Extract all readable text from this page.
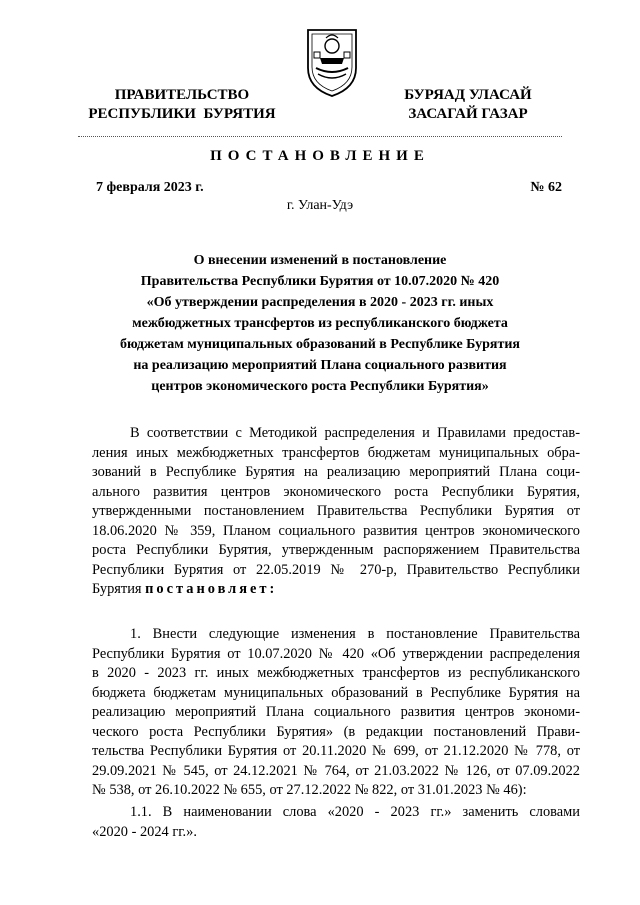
ПРАВИТЕЛЬСТВО
РЕСПУБЛИКИ  БУРЯТИЯ
БУРЯАД УЛАСАЙ
ЗАСАГАЙ ГАЗАР
ПОСТАНОВЛЕНИЕ
7 февраля 2023 г.	№ 62
г. Улан-Удэ
О внесении изменений в постановление
Правительства Республики Бурятия от 10.07.2020 № 420
«Об утверждении распределения в 2020 - 2023 гг. иных
межбюджетных трансфертов из республиканского бюджета
бюджетам муниципальных образований в Республике Бурятия
на реализацию мероприятий Плана социального развития
центров экономического роста Республики Бурятия»
В соответствии с Методикой распределения и Правилами предостав-
ления иных межбюджетных трансфертов бюджетам муниципальных обра-
зований в Республике Бурятия на реализацию мероприятий Плана соци-
ального развития центров экономического роста Республики Бурятия,
утвержденными постановлением Правительства Республики Бурятия от
18.06.2020 № 359, Планом социального развития центров экономического
роста Республики Бурятия, утвержденным распоряжением Правительства
Республики Бурятия от 22.05.2019 № 270-р, Правительство Республики
Бурятия постановляет:
1. Внести следующие изменения в постановление Правительства
Республики Бурятия от 10.07.2020 № 420 «Об утверждении распределения
в 2020 - 2023 гг. иных межбюджетных трансфертов из республиканского
бюджета бюджетам муниципальных образований в Республике Бурятия на
реализацию мероприятий Плана социального развития центров экономи-
ческого роста Республики Бурятия» (в редакции постановлений Прави-
тельства Республики Бурятия от 20.11.2020 № 699, от 21.12.2020 № 778, от
29.09.2021 № 545, от 24.12.2021 № 764, от 21.03.2022 № 126, от 07.09.2022
№ 538, от 26.10.2022 № 655, от 27.12.2022 № 822, от 31.01.2023 № 46):
1.1. В наименовании слова «2020 - 2023 гг.» заменить словами
«2020 - 2024 гг.».
